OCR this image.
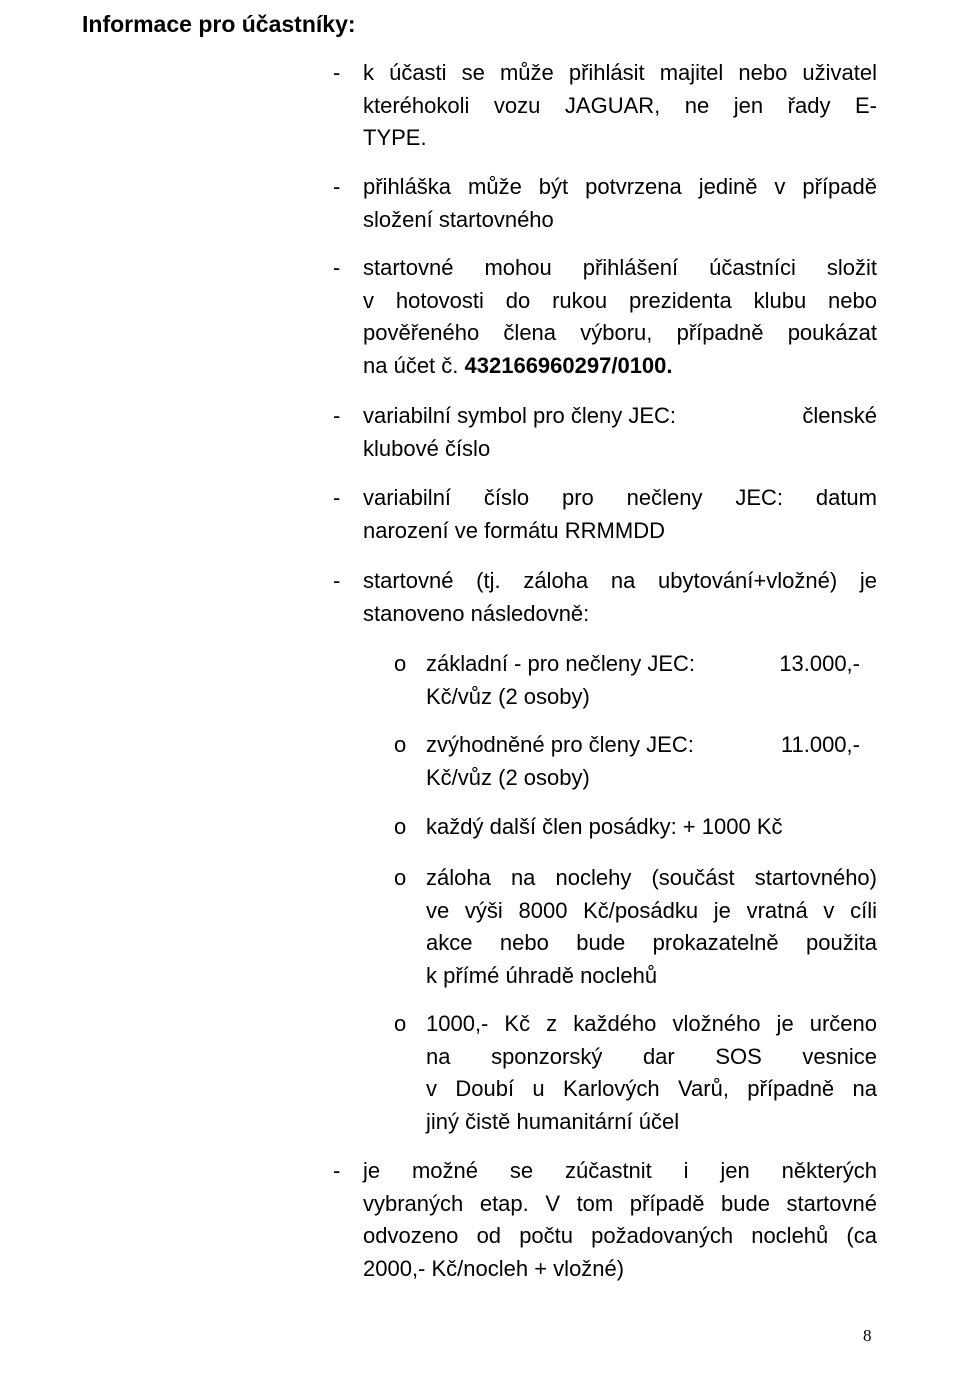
Informace pro účastníky:
- k účasti se může přihlásit majitel nebo uživatel
kteréhokoli vozu JAGUAR, ne jen řady E-
TYPE.
- přihláška může být potvrzena jedině v případě
složení startovného
- startovné mohou přihlášení účastníci složit
v hotovosti do rukou prezidenta klubu nebo
pověřeného člena výboru, případně poukázat
na účet č. 432166960297/0100.
- variabilní symbol pro členy JEC:	členské
klubové číslo
- variabilní číslo pro nečleny JEC: datum
narození ve formátu RRMMDD
- startovné (tj. záloha na ubytování+vložné) je
stanoveno následovně:
o základní - pro nečleny JEC:	13.000,-
Kč/vůz (2 osoby)
o zvýhodněné pro členy JEC:	11.000,-
Kč/vůz (2 osoby)
o každý další člen posádky: + 1000 Kč
o záloha na noclehy (součást startovného)
ve výši 8000 Kč/posádku je vratná v cíli
akce nebo bude prokazatelně použita
k přímé úhradě noclehů
o 1000,- Kč z každého vložného je určeno
na sponzorský dar SOS vesnice
v Doubí u Karlových Varů, případně na
jiný čistě humanitární účel
- je možné se zúčastnit i jen některých
vybraných etap. V tom případě bude startovné
odvozeno od počtu požadovaných noclehů (ca
2000,- Kč/nocleh + vložné)
8
